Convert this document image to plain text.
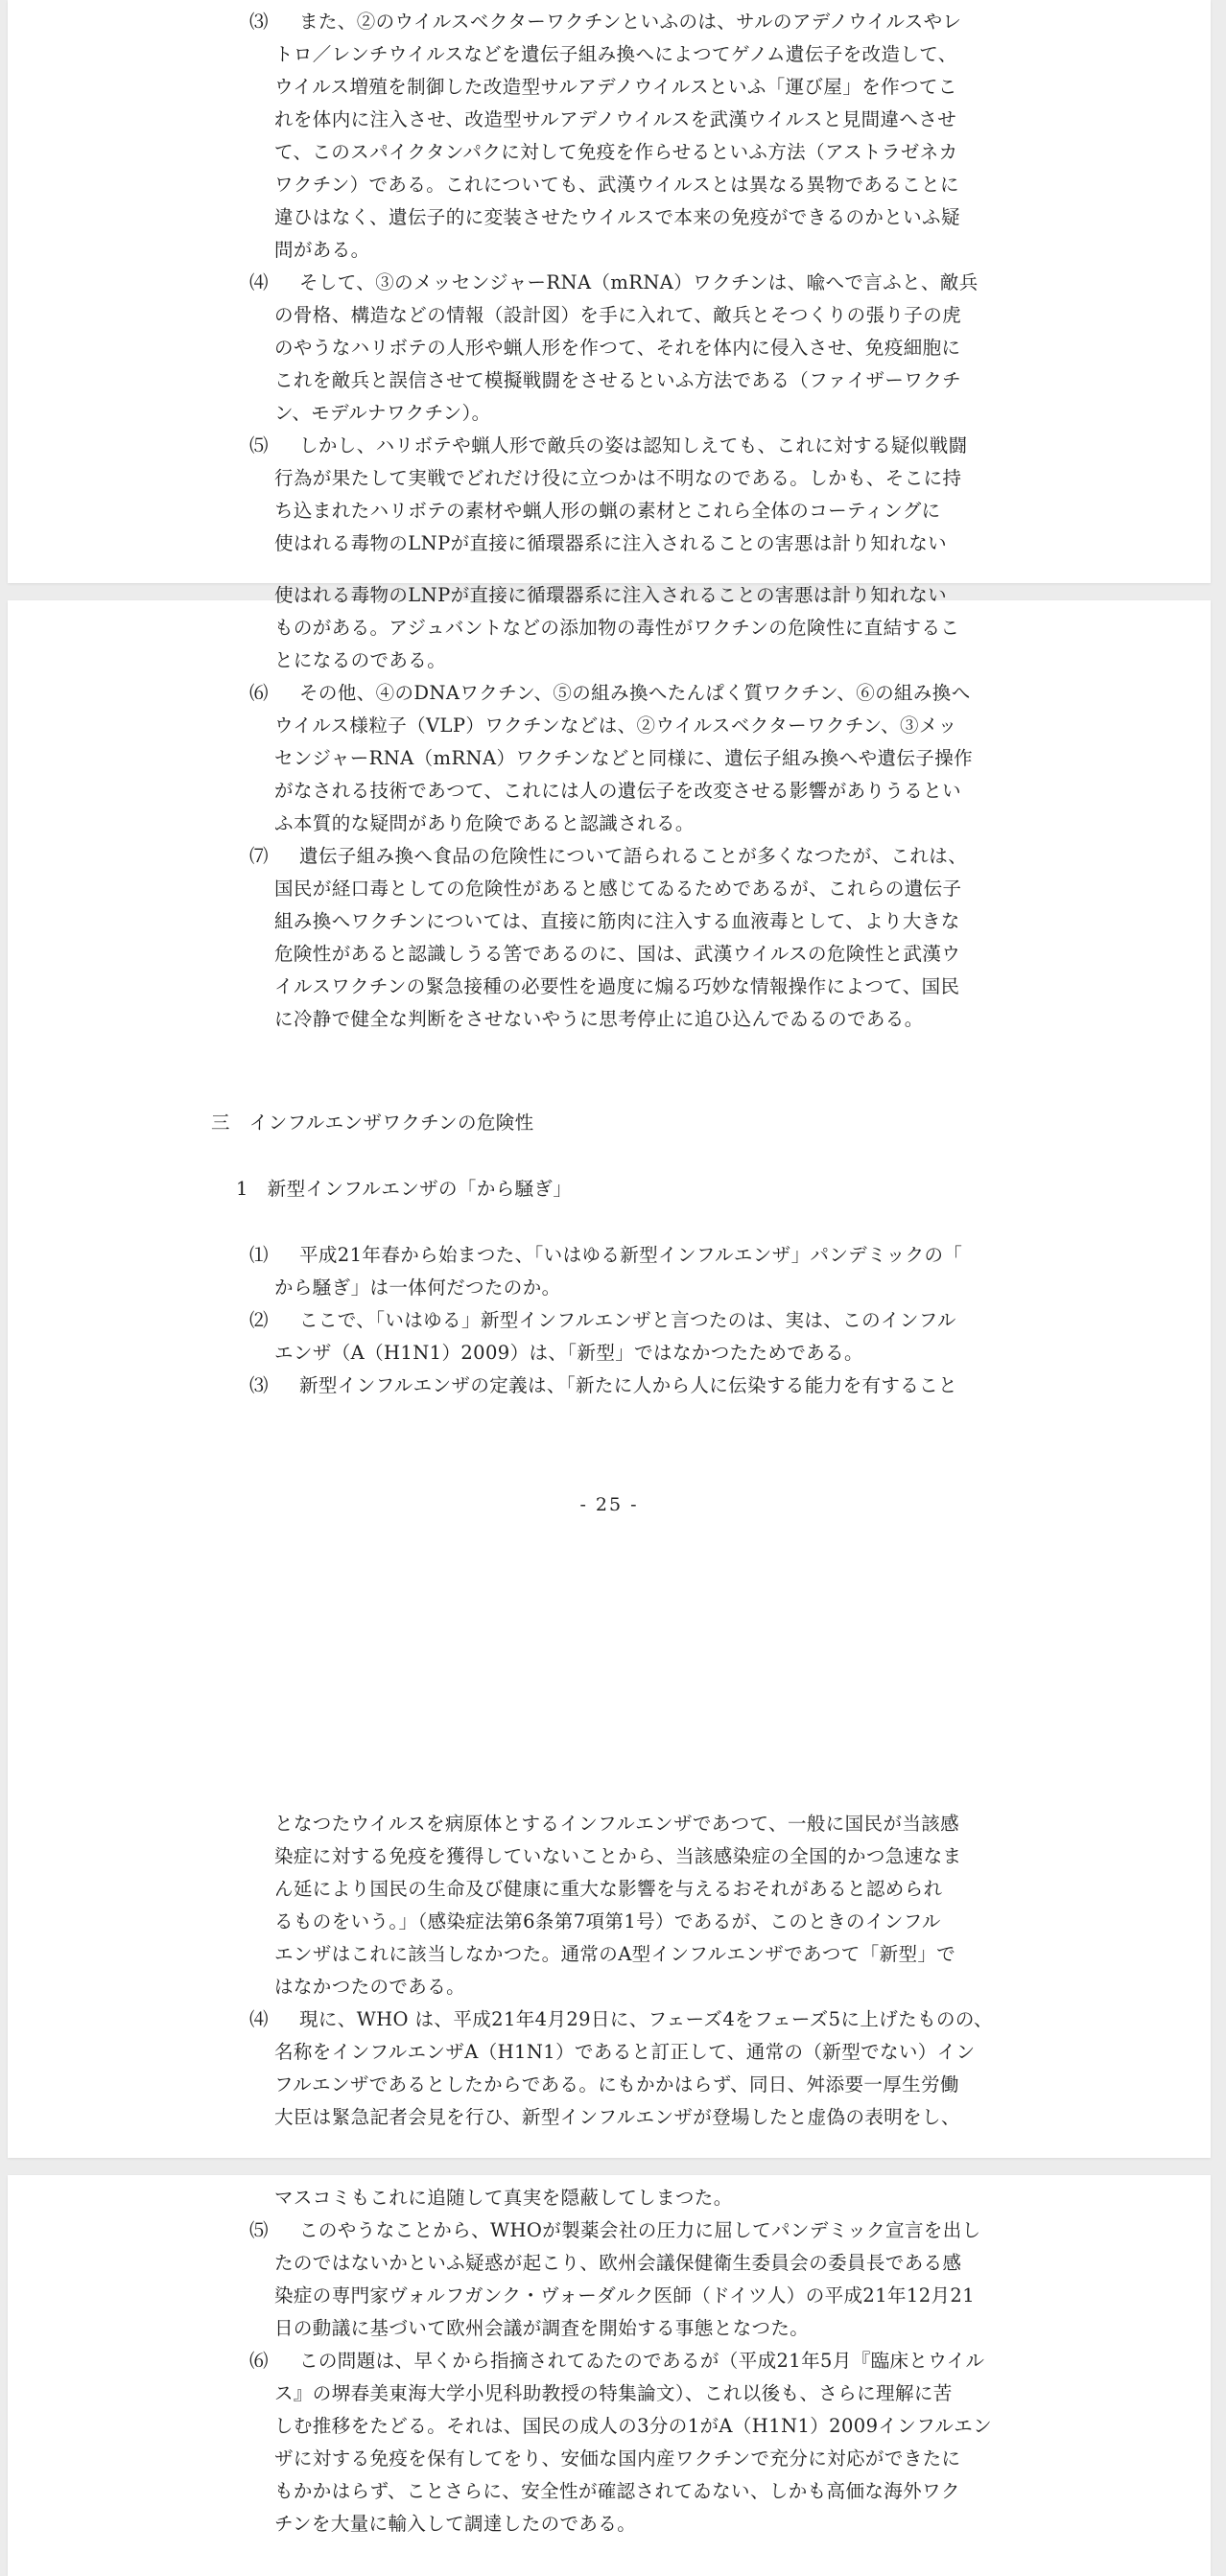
⑶ また、②のウイルスベクターワクチンといふのは、サルのアデノウイルスやレ
トロ／レンチウイルスなどを遺伝子組み換へによつてゲノム遺伝子を改造して、
ウイルス増殖を制御した改造型サルアデノウイルスといふ「運び屋」を作つてこ
れを体内に注入させ、改造型サルアデノウイルスを武漢ウイルスと見間違へさせ
て、このスパイクタンパクに対して免疫を作らせるといふ方法（アストラゼネカ
ワクチン）である。これについても、武漢ウイルスとは異なる異物であることに
違ひはなく、遺伝子的に変装させたウイルスで本来の免疫ができるのかといふ疑
問がある。
⑷ そして、③のメッセンジャーRNA（mRNA）ワクチンは、喩へで言ふと、敵兵
の骨格、構造などの情報（設計図）を手に入れて、敵兵とそつくりの張り子の虎
のやうなハリボテの人形や蝋人形を作つて、それを体内に侵入させ、免疫細胞に
これを敵兵と誤信させて模擬戦闘をさせるといふ方法である（ファイザーワクチ
ン、モデルナワクチン）。
⑸ しかし、ハリボテや蝋人形で敵兵の姿は認知しえても、これに対する疑似戦闘
行為が果たして実戦でどれだけ役に立つかは不明なのである。しかも、そこに持
ち込まれたハリボテの素材や蝋人形の蝋の素材とこれら全体のコーティングに
使はれる毒物のLNPが直接に循環器系に注入されることの害悪は計り知れない
使はれる毒物のLNPが直接に循環器系に注入されることの害悪は計り知れない
ものがある。アジュバントなどの添加物の毒性がワクチンの危険性に直結するこ
とになるのである。
⑹ その他、④のDNAワクチン、⑤の組み換へたんぱく質ワクチン、⑥の組み換へ
ウイルス様粒子（VLP）ワクチンなどは、②ウイルスベクターワクチン、③メッ
センジャーRNA（mRNA）ワクチンなどと同様に、遺伝子組み換へや遺伝子操作
がなされる技術であつて、これには人の遺伝子を改変させる影響がありうるとい
ふ本質的な疑問があり危険であると認識される。
⑺ 遺伝子組み換へ食品の危険性について語られることが多くなつたが、これは、
国民が経口毒としての危険性があると感じてゐるためであるが、これらの遺伝子
組み換へワクチンについては、直接に筋肉に注入する血液毒として、より大きな
危険性があると認識しうる筈であるのに、国は、武漢ウイルスの危険性と武漢ウ
イルスワクチンの緊急接種の必要性を過度に煽る巧妙な情報操作によつて、国民
に冷静で健全な判断をさせないやうに思考停止に追ひ込んでゐるのである。
三　インフルエンザワクチンの危険性
1　新型インフルエンザの「から騒ぎ」
⑴ 平成21年春から始まつた、「いはゆる新型インフルエンザ」パンデミックの「
から騒ぎ」は一体何だつたのか。
⑵ ここで、「いはゆる」新型インフルエンザと言つたのは、実は、このインフル
エンザ（A（H1N1）2009）は、「新型」ではなかつたためである。
⑶ 新型インフルエンザの定義は、「新たに人から人に伝染する能力を有すること
- 25 -
となつたウイルスを病原体とするインフルエンザであつて、一般に国民が当該感
染症に対する免疫を獲得していないことから、当該感染症の全国的かつ急速なま
ん延により国民の生命及び健康に重大な影響を与えるおそれがあると認められ
るものをいう。」（感染症法第6条第7項第1号）であるが、このときのインフル
エンザはこれに該当しなかつた。通常のA型インフルエンザであつて「新型」で
はなかつたのである。
⑷ 現に、WHO は、平成21年4月29日に、フェーズ4をフェーズ5に上げたものの、
名称をインフルエンザA（H1N1）であると訂正して、通常の（新型でない）イン
フルエンザであるとしたからである。にもかかはらず、同日、舛添要一厚生労働
大臣は緊急記者会見を行ひ、新型インフルエンザが登場したと虚偽の表明をし、
マスコミもこれに追随して真実を隠蔽してしまつた。
⑸ このやうなことから、WHOが製薬会社の圧力に屈してパンデミック宣言を出し
たのではないかといふ疑惑が起こり、欧州会議保健衛生委員会の委員長である感
染症の専門家ヴォルフガンク・ヴォーダルク医師（ドイツ人）の平成21年12月21
日の動議に基づいて欧州会議が調査を開始する事態となつた。
⑹ この問題は、早くから指摘されてゐたのであるが（平成21年5月『臨床とウイル
ス』の堺春美東海大学小児科助教授の特集論文）、これ以後も、さらに理解に苦
しむ推移をたどる。それは、国民の成人の3分の1がA（H1N1）2009インフルエン
ザに対する免疫を保有してをり、安価な国内産ワクチンで充分に対応ができたに
もかかはらず、ことさらに、安全性が確認されてゐない、しかも高価な海外ワク
チンを大量に輸入して調達したのである。
